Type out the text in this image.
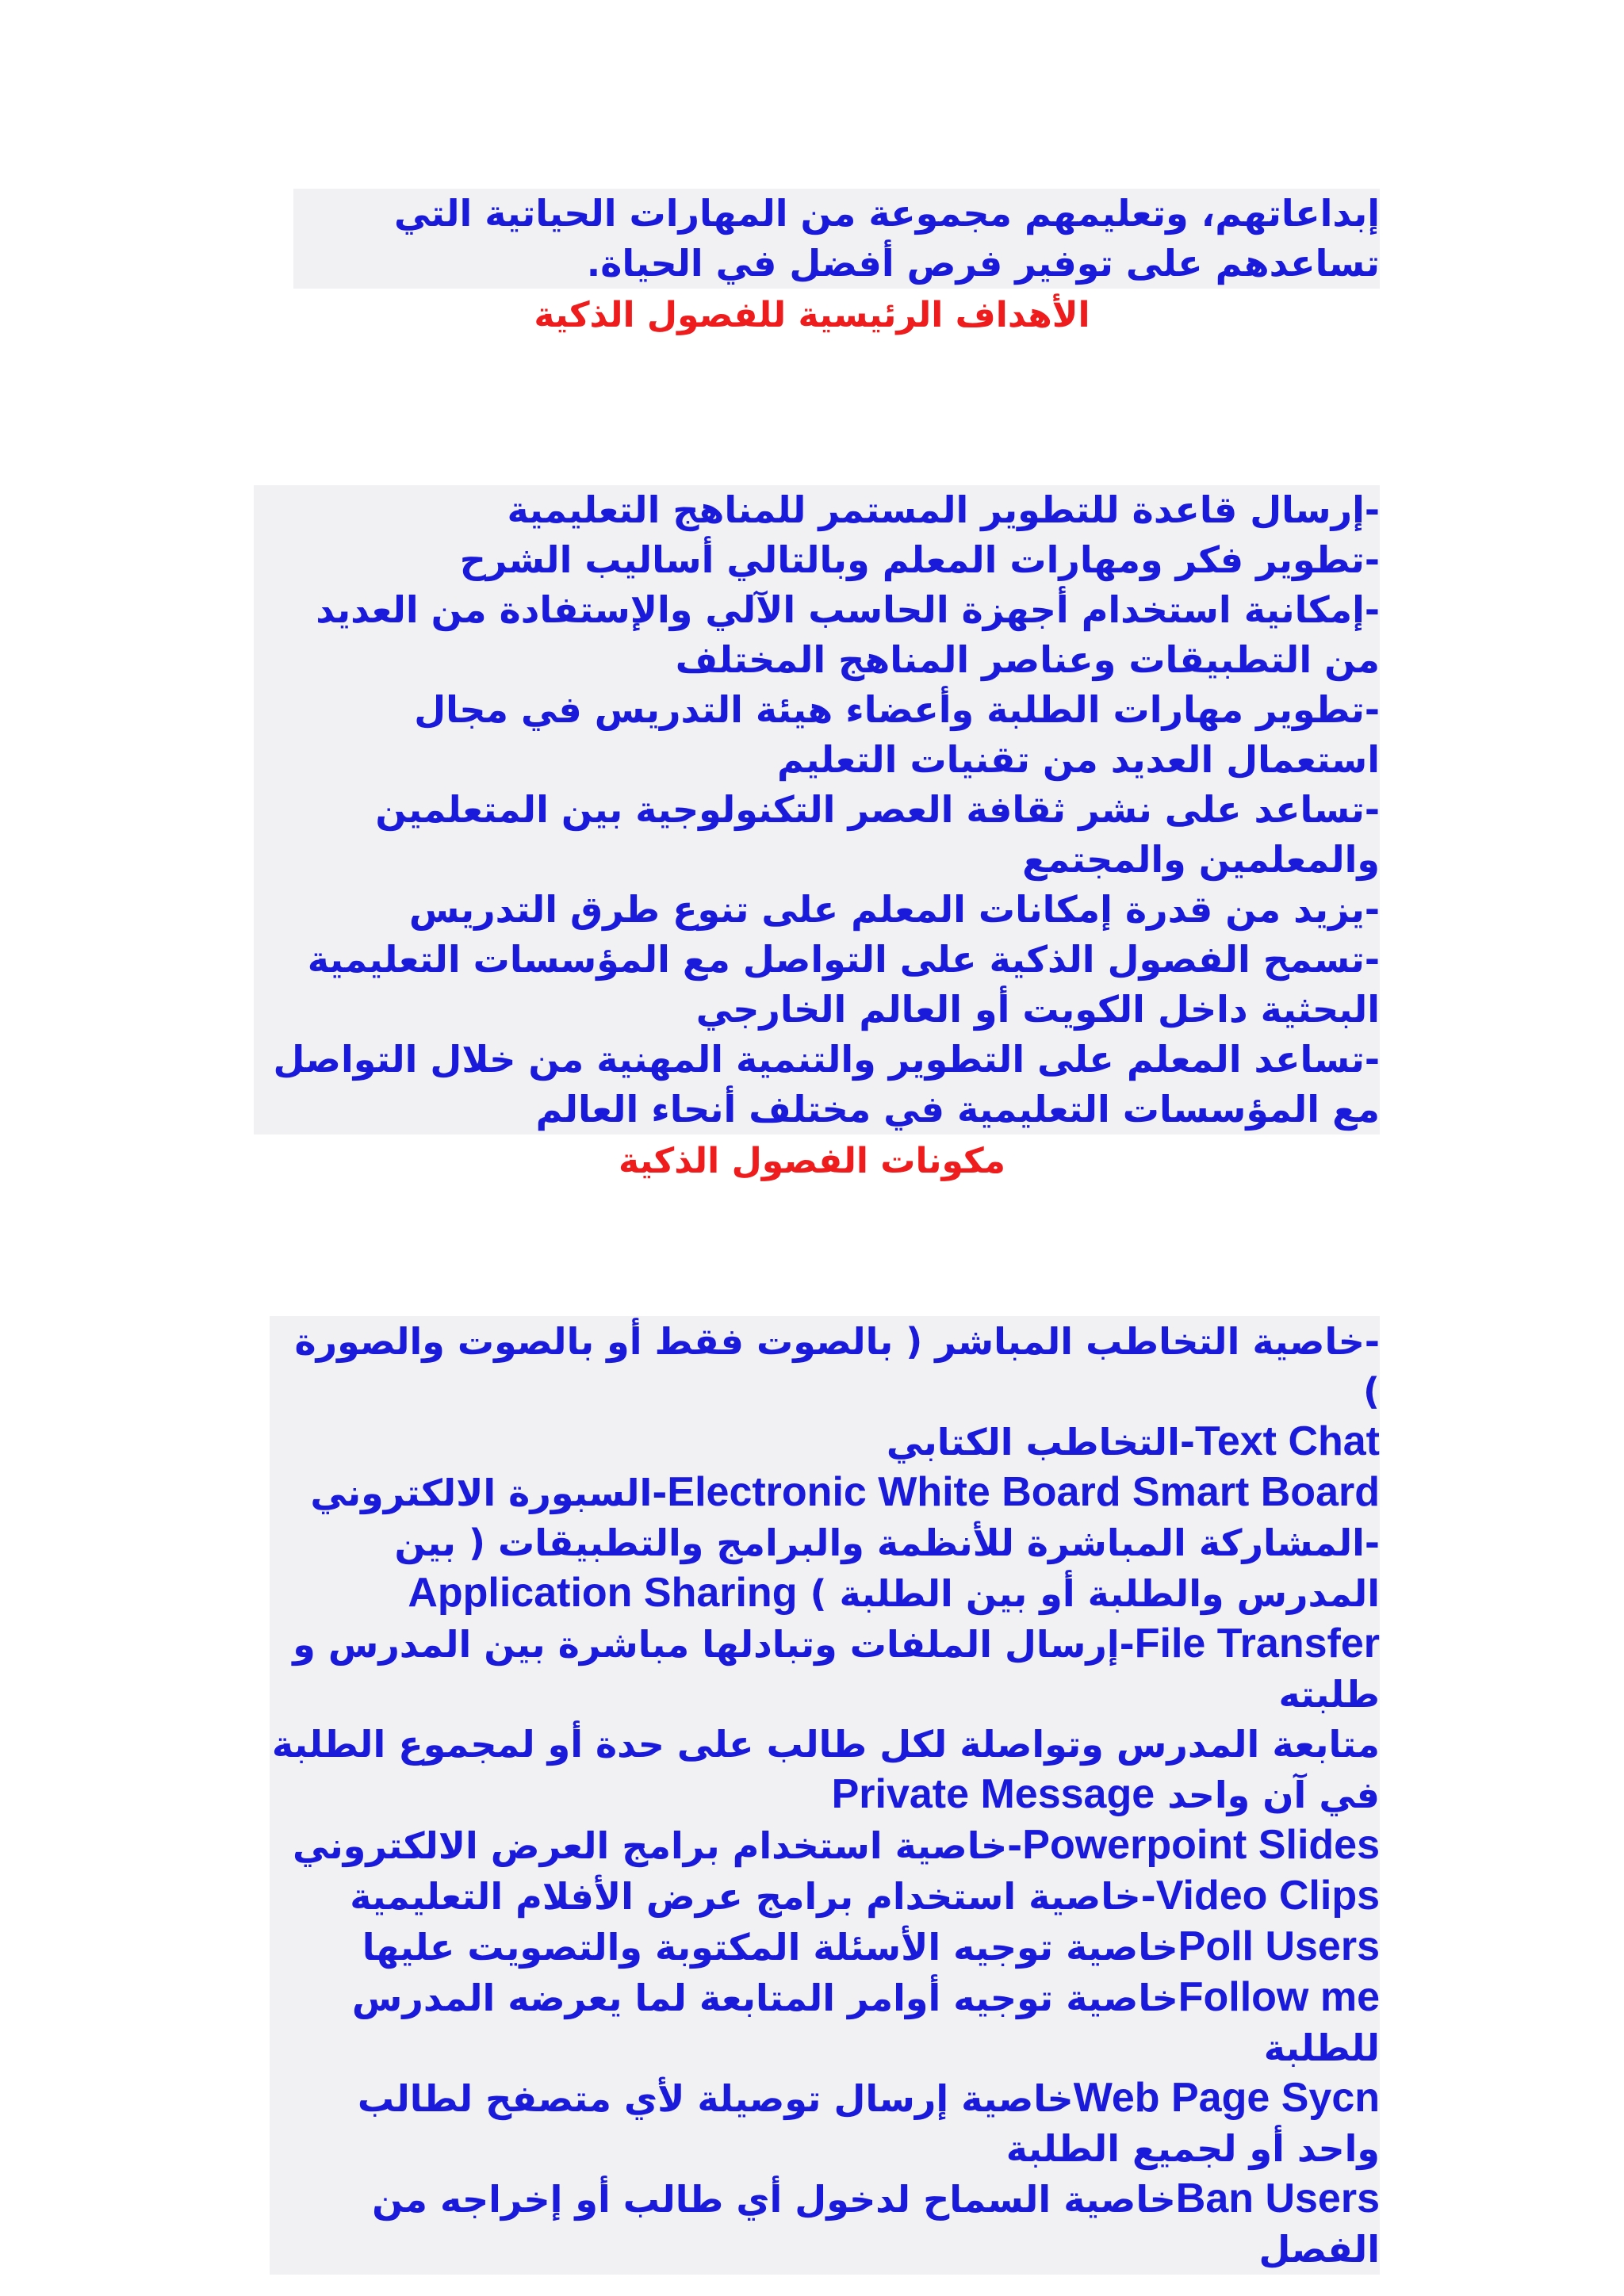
إبداعاتهم، وتعليمهم مجموعة من المهارات الحياتية التي تساعدهم على توفير فرص أفضل في الحياة.
الأهداف الرئيسية للفصول الذكية

-إرسال قاعدة للتطوير المستمر للمناهج التعليمية

-تطوير فكر ومهارات المعلم وبالتالي أساليب الشرح

-إمكانية استخدام أجهزة الحاسب الآلي والإستفادة من العديد من التطبيقات وعناصر المناهج المختلف

-تطوير مهارات الطلبة وأعضاء هيئة التدريس في مجال استعمال العديد من تقنيات التعليم

-تساعد على نشر ثقافة العصر التكنولوجية بين المتعلمين والمعلمين والمجتمع

-يزيد من قدرة إمكانات المعلم على تنوع طرق التدريس

-تسمح الفصول الذكية على التواصل مع المؤسسات التعليمية البحثية داخل الكويت أو العالم الخارجي

-تساعد المعلم على التطوير والتنمية المهنية من خلال التواصل مع المؤسسات التعليمية في مختلف أنحاء العالم

مكونات الفصول الذكية

-خاصية التخاطب المباشر ( بالصوت فقط أو بالصوت والصورة )

Text Chat-التخاطب الكتابي

Electronic White Board Smart Board-السبورة الالكتروني

-المشاركة المباشرة للأنظمة والبرامج والتطبيقات ( بين المدرس والطلبة أو بين الطلبة ) Application Sharing

File Transfer-إرسال الملفات وتبادلها مباشرة بين المدرس و طلبته

متابعة المدرس وتواصلة لكل طالب على حدة أو لمجموع الطلبة في آن واحد Private Message

Powerpoint Slides-خاصية استخدام برامج العرض الالكتروني

Video Clips-خاصية استخدام برامج عرض الأفلام التعليمية

Poll Usersخاصية توجيه الأسئلة المكتوبة والتصويت عليها

Follow meخاصية توجيه أوامر المتابعة لما يعرضه المدرس للطلبة

Web Page Sycnخاصية إرسال توصيلة لأي متصفح لطالب واحد أو لجميع الطلبة

Ban Usersخاصية السماح لدخول أي طالب أو إخراجه من الفصل
